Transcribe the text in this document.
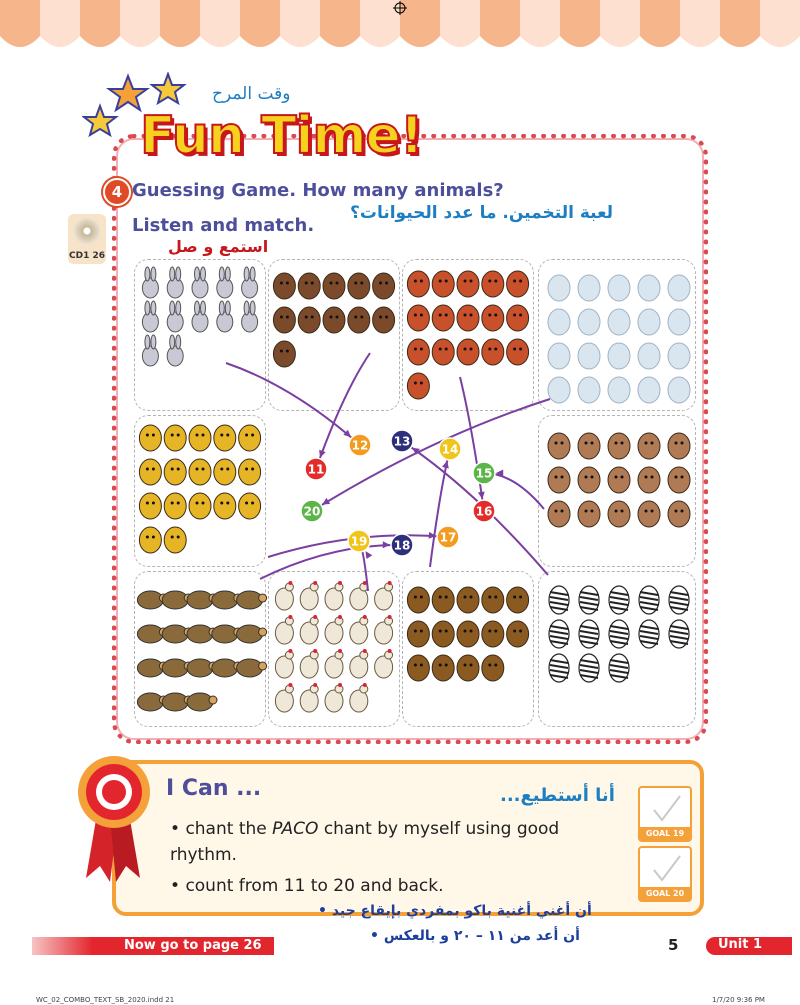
وقت المرح
Fun Time!
4 Guessing Game. How many animals?
Listen and match.
لعبة التخمين. ما عدد الحيوانات؟
استمع و صل
CD1 26
12 13
14
11	15
16
20
17
19 18
I Can ...	أنا أستطيع...
• chant the PACO chant by myself using good rhythm.
• count from 11 to 20 and back.
GOAL 19
GOAL 20
أن أغني أغنية باكو بمفردي بإيقاع جيد •
أن أعد من ١١ – ٢٠ و بالعكس •
Now go to page 26	5	Unit 1
WC_02_COMBO_TEXT_SB_2020.indd 21	1/7/20 9:36 PM
